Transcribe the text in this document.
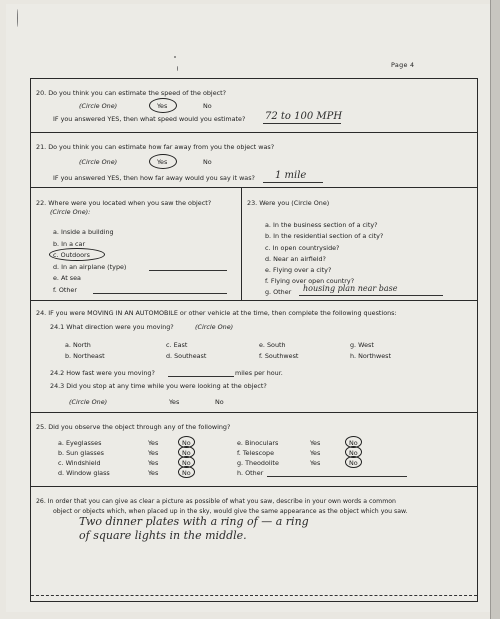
Page 4
20. Do you think you can estimate the speed of the object?
(Circle One)	Yes	No
IF you answered YES, then what speed would you estimate? 72 to 100 MPH
21. Do you think you can estimate how far away from you the object was?
(Circle One)	Yes	No
IF you answered YES, then how far away would you say it was? 1 mile
22. Where were you located when you saw the object?
(Circle One):
a. Inside a building
b. In a car
c. Outdoors
d. In an airplane (type)
e. At sea
f. Other
23. Were you (Circle One)
a. In the business section of a city?
b. In the residential section of a city?
c. In open countryside?
d. Near an airfield?
e. Flying over a city?
f. Flying over open country?
g. Other housing plan near base
24. IF you were MOVING IN AN AUTOMOBILE or other vehicle at the time, then complete the following questions:
24.1 What direction were you moving?	(Circle One)
a. North	c. East	e. South	g. West
b. Northeast	d. Southeast	f. Southwest	h. Northwest
24.2 How fast were you moving?	miles per hour.
24.3 Did you stop at any time while you were looking at the object?
(Circle One)	Yes	No
25. Did you observe the object through any of the following?
a. Eyeglasses	Yes	No
b. Sun glasses	Yes	No
c. Windshield	Yes	No
d. Window glass	Yes	No
e. Binoculars	Yes	No
f. Telescope	Yes	No
g. Theodolite	Yes	No
h. Other
26. In order that you can give as clear a picture as possible of what you saw, describe in your own words a common
object or objects which, when placed up in the sky, would give the same appearance as the object which you saw.
Two dinner plates with a ring of — a ring
of square lights in the middle.
